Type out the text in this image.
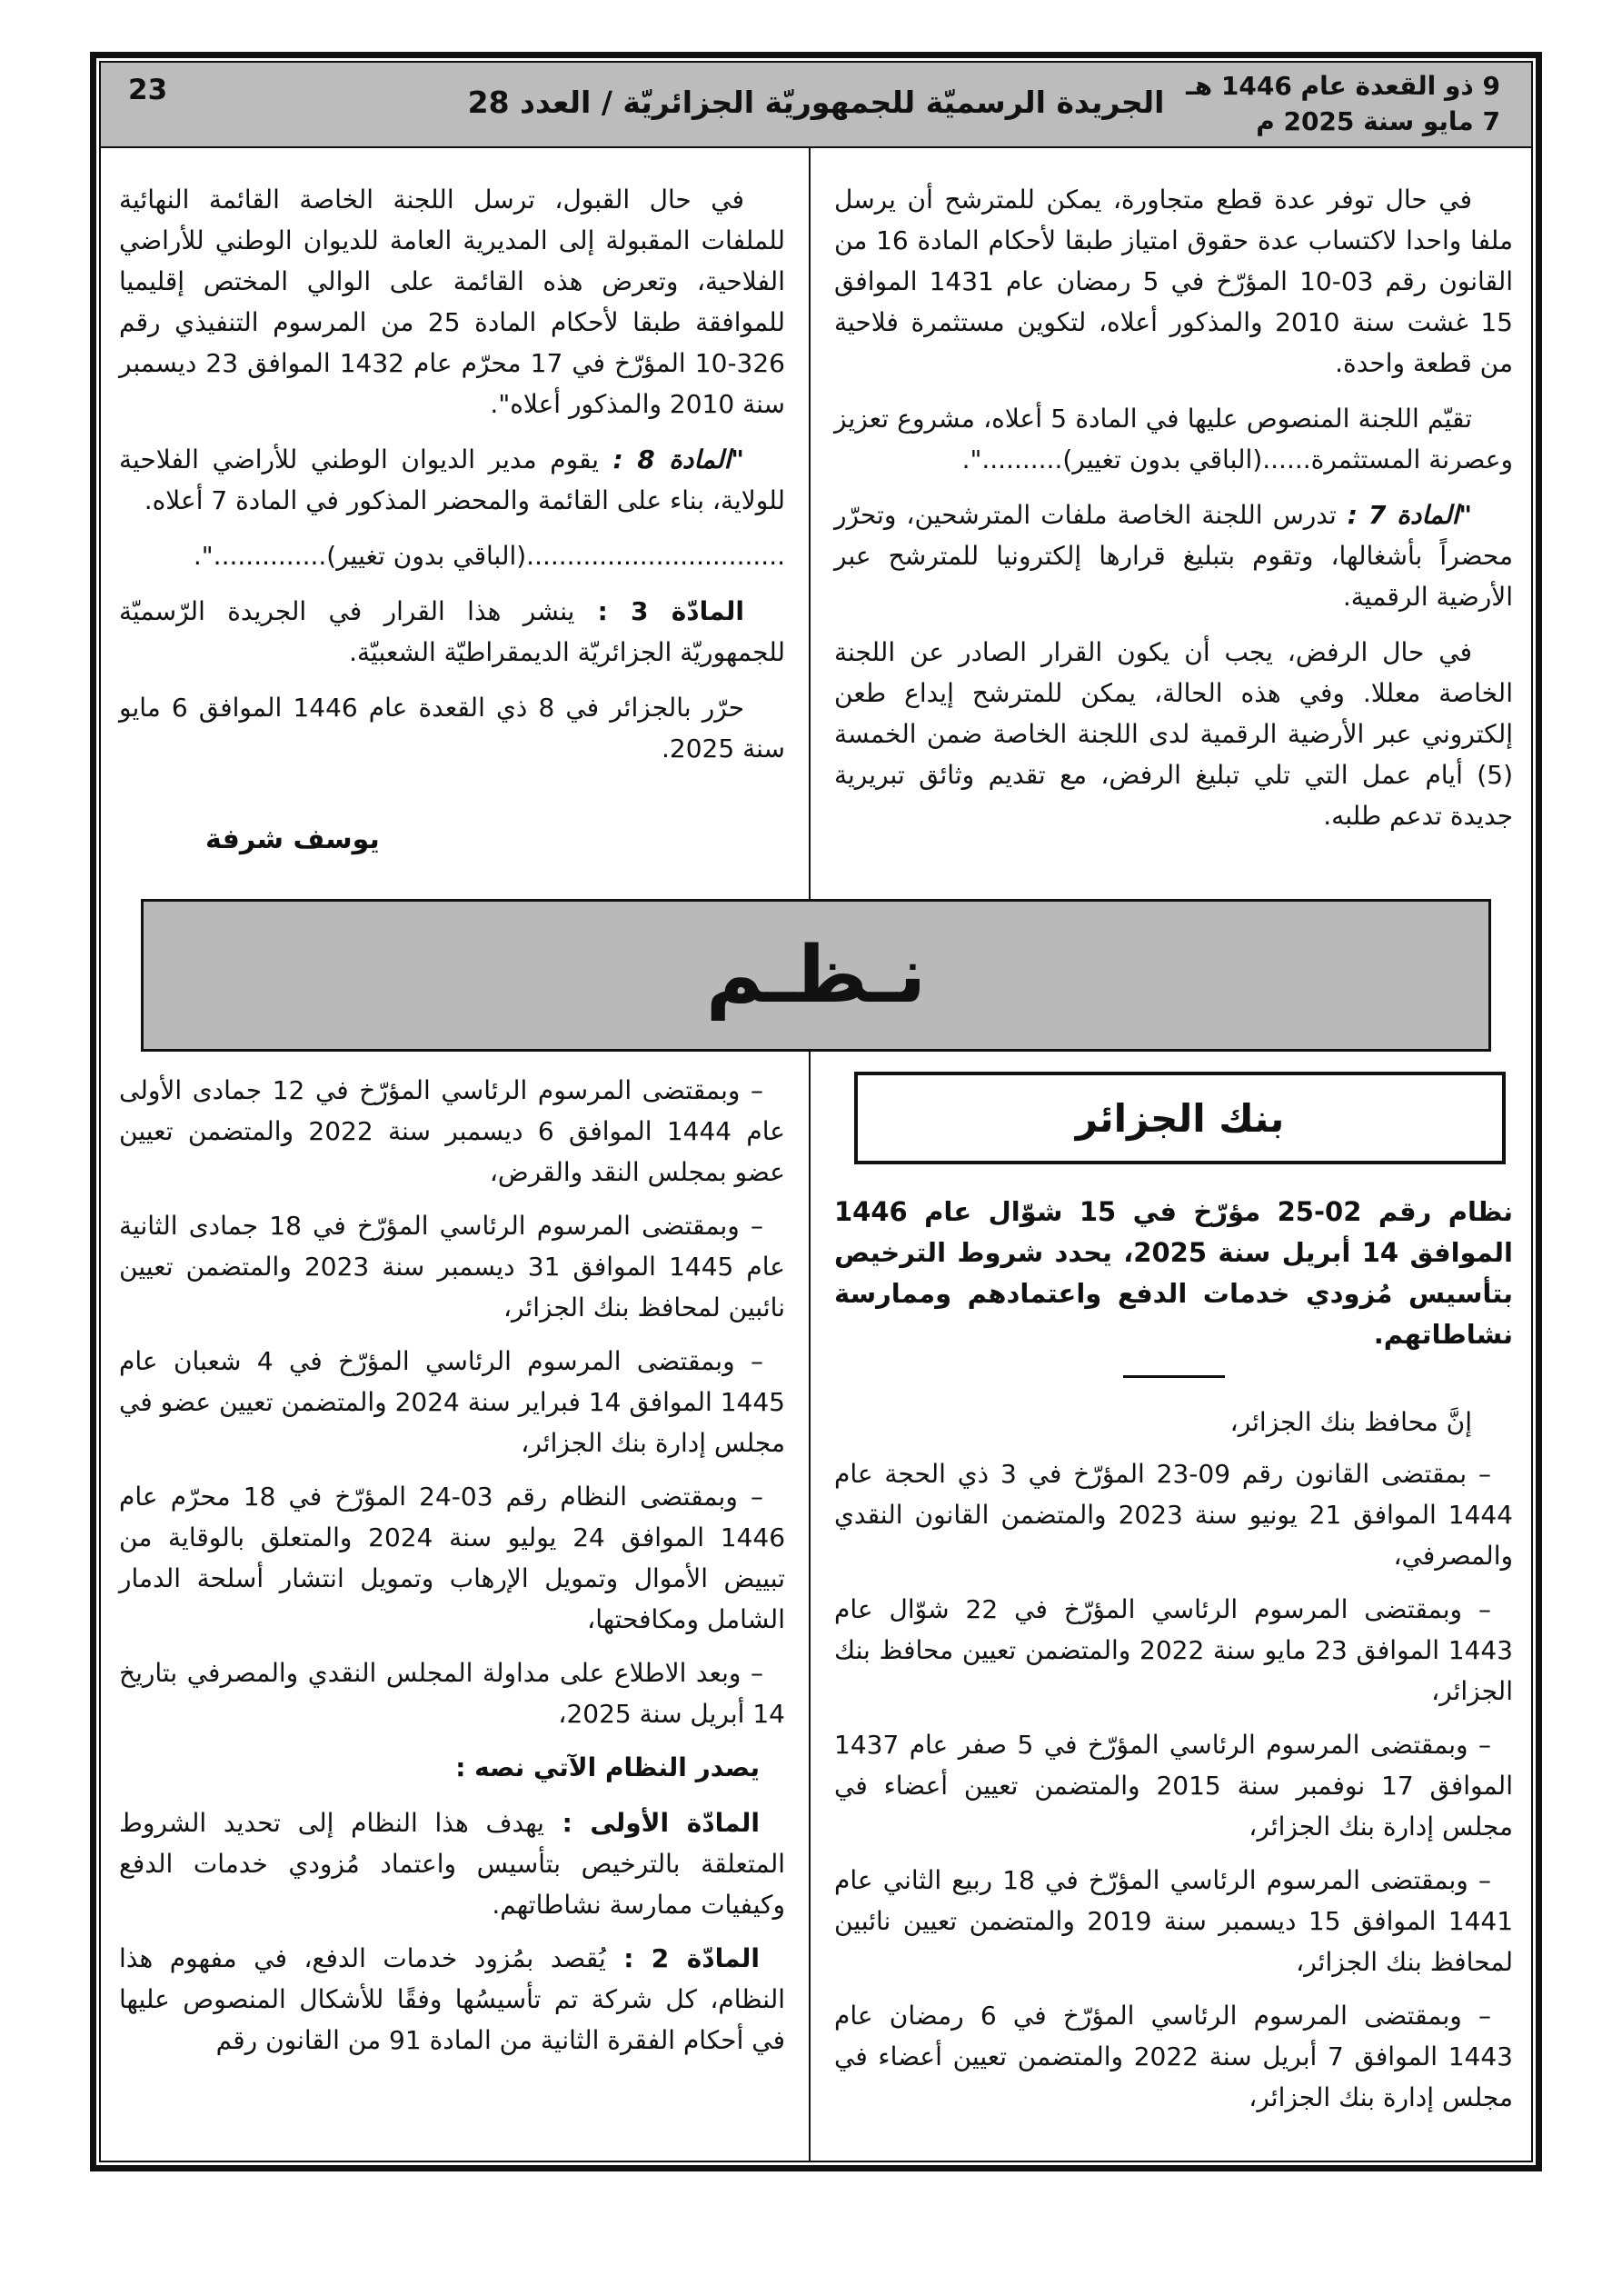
23	الجريدة الرسميّة للجمهوريّة الجزائريّة / العدد 28 9 ذو القعدة عام 1446 هـ
7 مايو سنة 2025 م

في حال توفر عدة قطع متجاورة، يمكن للمترشح أن يرسل ملفا واحدا لاكتساب عدة حقوق امتياز طبقا لأحكام المادة 16 من القانون رقم 03-10 المؤرّخ في 5 رمضان عام 1431 الموافق 15 غشت سنة 2010 والمذكور أعلاه، لتكوين مستثمرة فلاحية من قطعة واحدة.

تقيّم اللجنة المنصوص عليها في المادة 5 أعلاه، مشروع تعزيز وعصرنة المستثمرة......(الباقي بدون تغيير)..........".

"المادة 7 : تدرس اللجنة الخاصة ملفات المترشحين، وتحرّر محضراً بأشغالها، وتقوم بتبليغ قرارها إلكترونيا للمترشح عبر الأرضية الرقمية.

في حال الرفض، يجب أن يكون القرار الصادر عن اللجنة الخاصة معللا. وفي هذه الحالة، يمكن للمترشح إيداع طعن إلكتروني عبر الأرضية الرقمية لدى اللجنة الخاصة ضمن الخمسة (5) أيام عمل التي تلي تبليغ الرفض، مع تقديم وثائق تبريرية جديدة تدعم طلبه.

في حال القبول، ترسل اللجنة الخاصة القائمة النهائية للملفات المقبولة إلى المديرية العامة للديوان الوطني للأراضي الفلاحية، وتعرض هذه القائمة على الوالي المختص إقليميا للموافقة طبقا لأحكام المادة 25 من المرسوم التنفيذي رقم 326-10 المؤرّخ في 17 محرّم عام 1432 الموافق 23 ديسمبر سنة 2010 والمذكور أعلاه".

"المادة 8 : يقوم مدير الديوان الوطني للأراضي الفلاحية للولاية، بناء على القائمة والمحضر المذكور في المادة 7 أعلاه.

................................(الباقي بدون تغيير)..............".

المادّة 3 : ينشر هذا القرار في الجريدة الرّسميّة للجمهوريّة الجزائريّة الديمقراطيّة الشعبيّة.

حرّر بالجزائر في 8 ذي القعدة عام 1446 الموافق 6 مايو سنة 2025.

يوسف شرفة
نـظـم
بنك الجزائر

نظام رقم 02-25 مؤرّخ في 15 شوّال عام 1446 الموافق 14 أبريل سنة 2025، يحدد شروط الترخيص بتأسيس مُزودي خدمات الدفع واعتمادهم وممارسة نشاطاتهم.

إنَّ محافظ بنك الجزائر،

– بمقتضى القانون رقم 09-23 المؤرّخ في 3 ذي الحجة عام 1444 الموافق 21 يونيو سنة 2023 والمتضمن القانون النقدي والمصرفي،

– وبمقتضى المرسوم الرئاسي المؤرّخ في 22 شوّال عام 1443 الموافق 23 مايو سنة 2022 والمتضمن تعيين محافظ بنك الجزائر،

– وبمقتضى المرسوم الرئاسي المؤرّخ في 5 صفر عام 1437 الموافق 17 نوفمبر سنة 2015 والمتضمن تعيين أعضاء في مجلس إدارة بنك الجزائر،

– وبمقتضى المرسوم الرئاسي المؤرّخ في 18 ربيع الثاني عام 1441 الموافق 15 ديسمبر سنة 2019 والمتضمن تعيين نائبين لمحافظ بنك الجزائر،

– وبمقتضى المرسوم الرئاسي المؤرّخ في 6 رمضان عام 1443 الموافق 7 أبريل سنة 2022 والمتضمن تعيين أعضاء في مجلس إدارة بنك الجزائر،

– وبمقتضى المرسوم الرئاسي المؤرّخ في 12 جمادى الأولى عام 1444 الموافق 6 ديسمبر سنة 2022 والمتضمن تعيين عضو بمجلس النقد والقرض،

– وبمقتضى المرسوم الرئاسي المؤرّخ في 18 جمادى الثانية عام 1445 الموافق 31 ديسمبر سنة 2023 والمتضمن تعيين نائبين لمحافظ بنك الجزائر،

– وبمقتضى المرسوم الرئاسي المؤرّخ في 4 شعبان عام 1445 الموافق 14 فبراير سنة 2024 والمتضمن تعيين عضو في مجلس إدارة بنك الجزائر،

– وبمقتضى النظام رقم 03-24 المؤرّخ في 18 محرّم عام 1446 الموافق 24 يوليو سنة 2024 والمتعلق بالوقاية من تبييض الأموال وتمويل الإرهاب وتمويل انتشار أسلحة الدمار الشامل ومكافحتها،

– وبعد الاطلاع على مداولة المجلس النقدي والمصرفي بتاريخ 14 أبريل سنة 2025،

يصدر النظام الآتي نصه :

المادّة الأولى : يهدف هذا النظام إلى تحديد الشروط المتعلقة بالترخيص بتأسيس واعتماد مُزودي خدمات الدفع وكيفيات ممارسة نشاطاتهم.

المادّة 2 : يُقصد بمُزود خدمات الدفع، في مفهوم هذا النظام، كل شركة تم تأسيسُها وفقًا للأشكال المنصوص عليها في أحكام الفقرة الثانية من المادة 91 من القانون رقم
